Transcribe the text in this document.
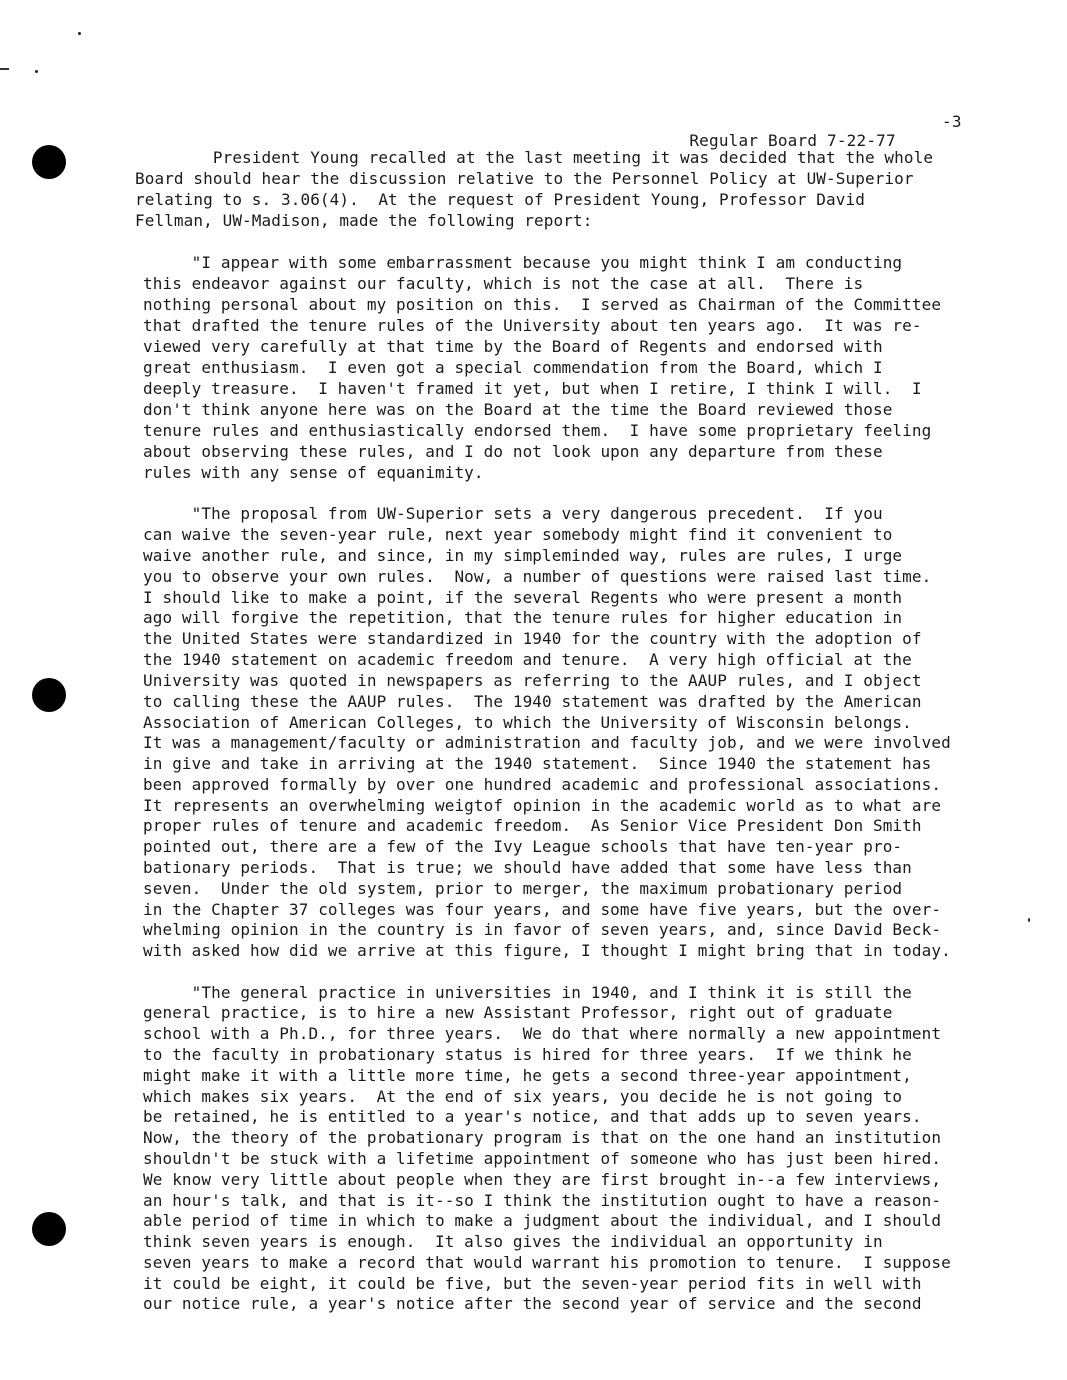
Regular Board 7-22-77

-3

President Young recalled at the last meeting it was decided that the whole
Board should hear the discussion relative to the Personnel Policy at UW-Superior
relating to s. 3.06(4).  At the request of President Young, Professor David
Fellman, UW-Madison, made the following report:
"I appear with some embarrassment because you might think I am conducting
this endeavor against our faculty, which is not the case at all.  There is
nothing personal about my position on this.  I served as Chairman of the Committee
that drafted the tenure rules of the University about ten years ago.  It was re-
viewed very carefully at that time by the Board of Regents and endorsed with
great enthusiasm.  I even got a special commendation from the Board, which I
deeply treasure.  I haven't framed it yet, but when I retire, I think I will.  I
don't think anyone here was on the Board at the time the Board reviewed those
tenure rules and enthusiastically endorsed them.  I have some proprietary feeling
about observing these rules, and I do not look upon any departure from these
rules with any sense of equanimity.
"The proposal from UW-Superior sets a very dangerous precedent.  If you
can waive the seven-year rule, next year somebody might find it convenient to
waive another rule, and since, in my simpleminded way, rules are rules, I urge
you to observe your own rules.  Now, a number of questions were raised last time.
I should like to make a point, if the several Regents who were present a month
ago will forgive the repetition, that the tenure rules for higher education in
the United States were standardized in 1940 for the country with the adoption of
the 1940 statement on academic freedom and tenure.  A very high official at the
University was quoted in newspapers as referring to the AAUP rules, and I object
to calling these the AAUP rules.  The 1940 statement was drafted by the American
Association of American Colleges, to which the University of Wisconsin belongs.
It was a management/faculty or administration and faculty job, and we were involved
in give and take in arriving at the 1940 statement.  Since 1940 the statement has
been approved formally by over one hundred academic and professional associations.
It represents an overwhelming weigtof opinion in the academic world as to what are
proper rules of tenure and academic freedom.  As Senior Vice President Don Smith
pointed out, there are a few of the Ivy League schools that have ten-year pro-
bationary periods.  That is true; we should have added that some have less than
seven.  Under the old system, prior to merger, the maximum probationary period
in the Chapter 37 colleges was four years, and some have five years, but the over-
whelming opinion in the country is in favor of seven years, and, since David Beck-
with asked how did we arrive at this figure, I thought I might bring that in today.
"The general practice in universities in 1940, and I think it is still the
general practice, is to hire a new Assistant Professor, right out of graduate
school with a Ph.D., for three years.  We do that where normally a new appointment
to the faculty in probationary status is hired for three years.  If we think he
might make it with a little more time, he gets a second three-year appointment,
which makes six years.  At the end of six years, you decide he is not going to
be retained, he is entitled to a year's notice, and that adds up to seven years.
Now, the theory of the probationary program is that on the one hand an institution
shouldn't be stuck with a lifetime appointment of someone who has just been hired.
We know very little about people when they are first brought in--a few interviews,
an hour's talk, and that is it--so I think the institution ought to have a reason-
able period of time in which to make a judgment about the individual, and I should
think seven years is enough.  It also gives the individual an opportunity in
seven years to make a record that would warrant his promotion to tenure.  I suppose
it could be eight, it could be five, but the seven-year period fits in well with
our notice rule, a year's notice after the second year of service and the second
